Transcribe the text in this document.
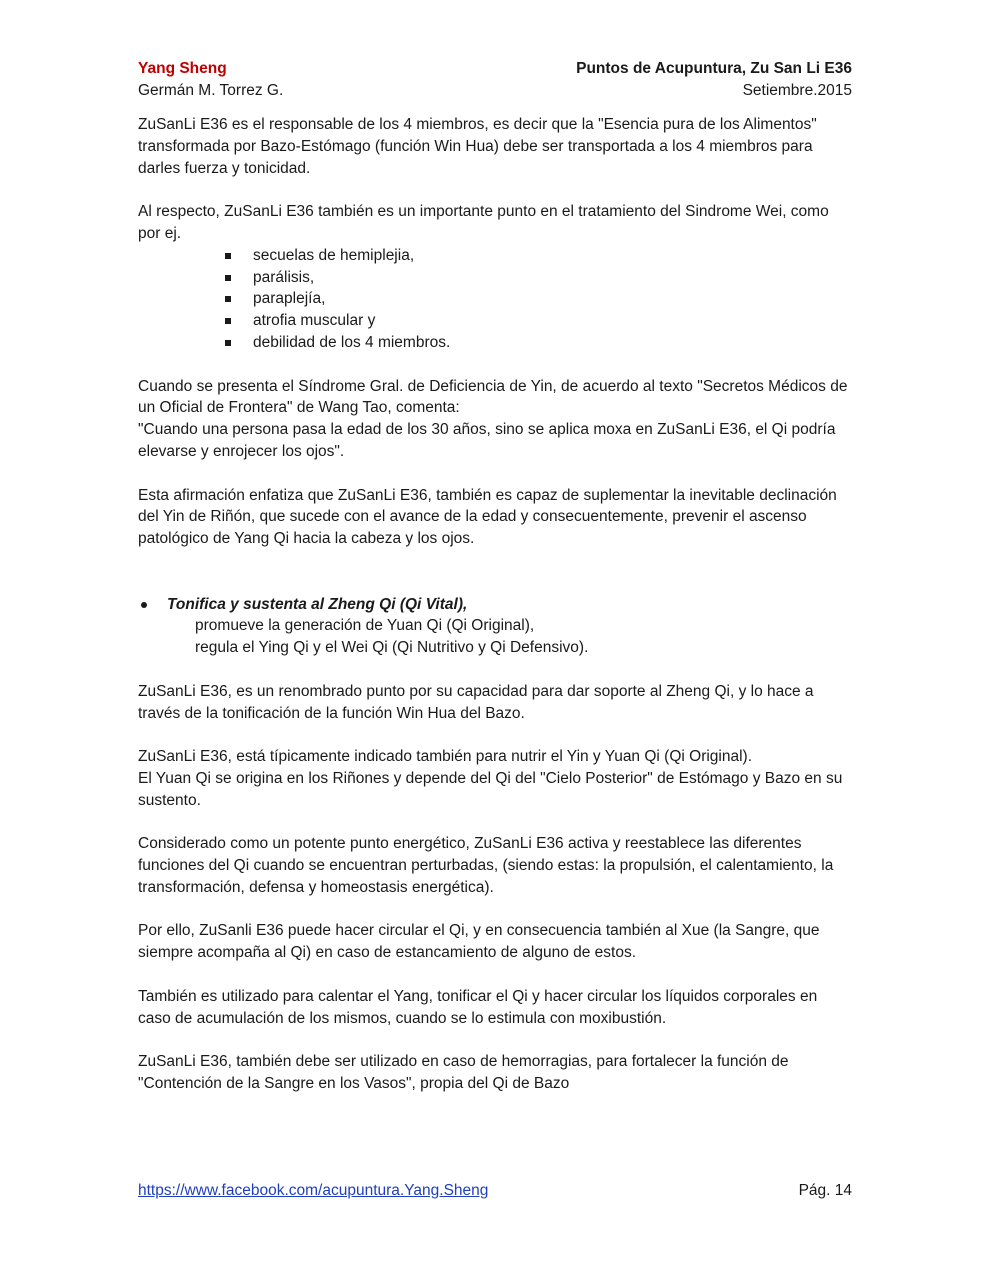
Yang Sheng	Puntos de Acupuntura, Zu San Li E36
Germán M. Torrez G.	Setiembre.2015

ZuSanLi E36 es el responsable de los 4 miembros, es decir que la "Esencia pura de los Alimentos" transformada por Bazo-Estómago (función Win Hua) debe ser transportada a los 4 miembros para darles fuerza y tonicidad.

Al respecto, ZuSanLi E36 también es un importante punto en el tratamiento del Sindrome Wei, como por ej.

secuelas de hemiplejia,
parálisis,
paraplejía,
atrofia muscular y
debilidad de los 4 miembros.

Cuando se presenta el Síndrome Gral. de Deficiencia de Yin, de acuerdo al texto "Secretos Médicos de un Oficial de Frontera" de Wang Tao, comenta:

"Cuando una persona pasa la edad de los 30 años, sino se aplica moxa en ZuSanLi E36, el Qi podría elevarse y enrojecer los ojos".

Esta afirmación enfatiza que ZuSanLi E36, también es capaz de suplementar la inevitable declinación del Yin de Riñón, que sucede con el avance de la edad y consecuentemente, prevenir el ascenso patológico de Yang Qi hacia la cabeza y los ojos.

Tonifica y sustenta al Zheng Qi (Qi Vital),
promueve la generación de Yuan Qi (Qi Original),
regula el Ying Qi y el Wei Qi (Qi Nutritivo y Qi Defensivo).

ZuSanLi E36, es un renombrado punto por su capacidad para dar soporte al Zheng Qi, y lo hace a través de la tonificación de la función Win Hua del Bazo.

ZuSanLi E36, está típicamente indicado también para nutrir el Yin y Yuan Qi (Qi Original).

El Yuan Qi se origina en los Riñones y depende del Qi del "Cielo Posterior" de Estómago y Bazo en su sustento.

Considerado como un potente punto energético, ZuSanLi E36 activa y reestablece las diferentes funciones del Qi cuando se encuentran perturbadas, (siendo estas: la propulsión, el calentamiento, la transformación, defensa y homeostasis energética).

Por ello, ZuSanli E36 puede hacer circular el Qi, y en consecuencia también al Xue (la Sangre, que siempre acompaña al Qi) en caso de estancamiento de alguno de estos.

También es utilizado para calentar el Yang, tonificar el Qi y hacer circular los líquidos corporales en caso de acumulación de los mismos, cuando se lo estimula con moxibustión.

ZuSanLi E36, también debe ser utilizado en caso de hemorragias, para fortalecer la función de "Contención de la Sangre en los Vasos", propia del Qi de Bazo

https://www.facebook.com/acupuntura.Yang.Sheng	Pág. 14
